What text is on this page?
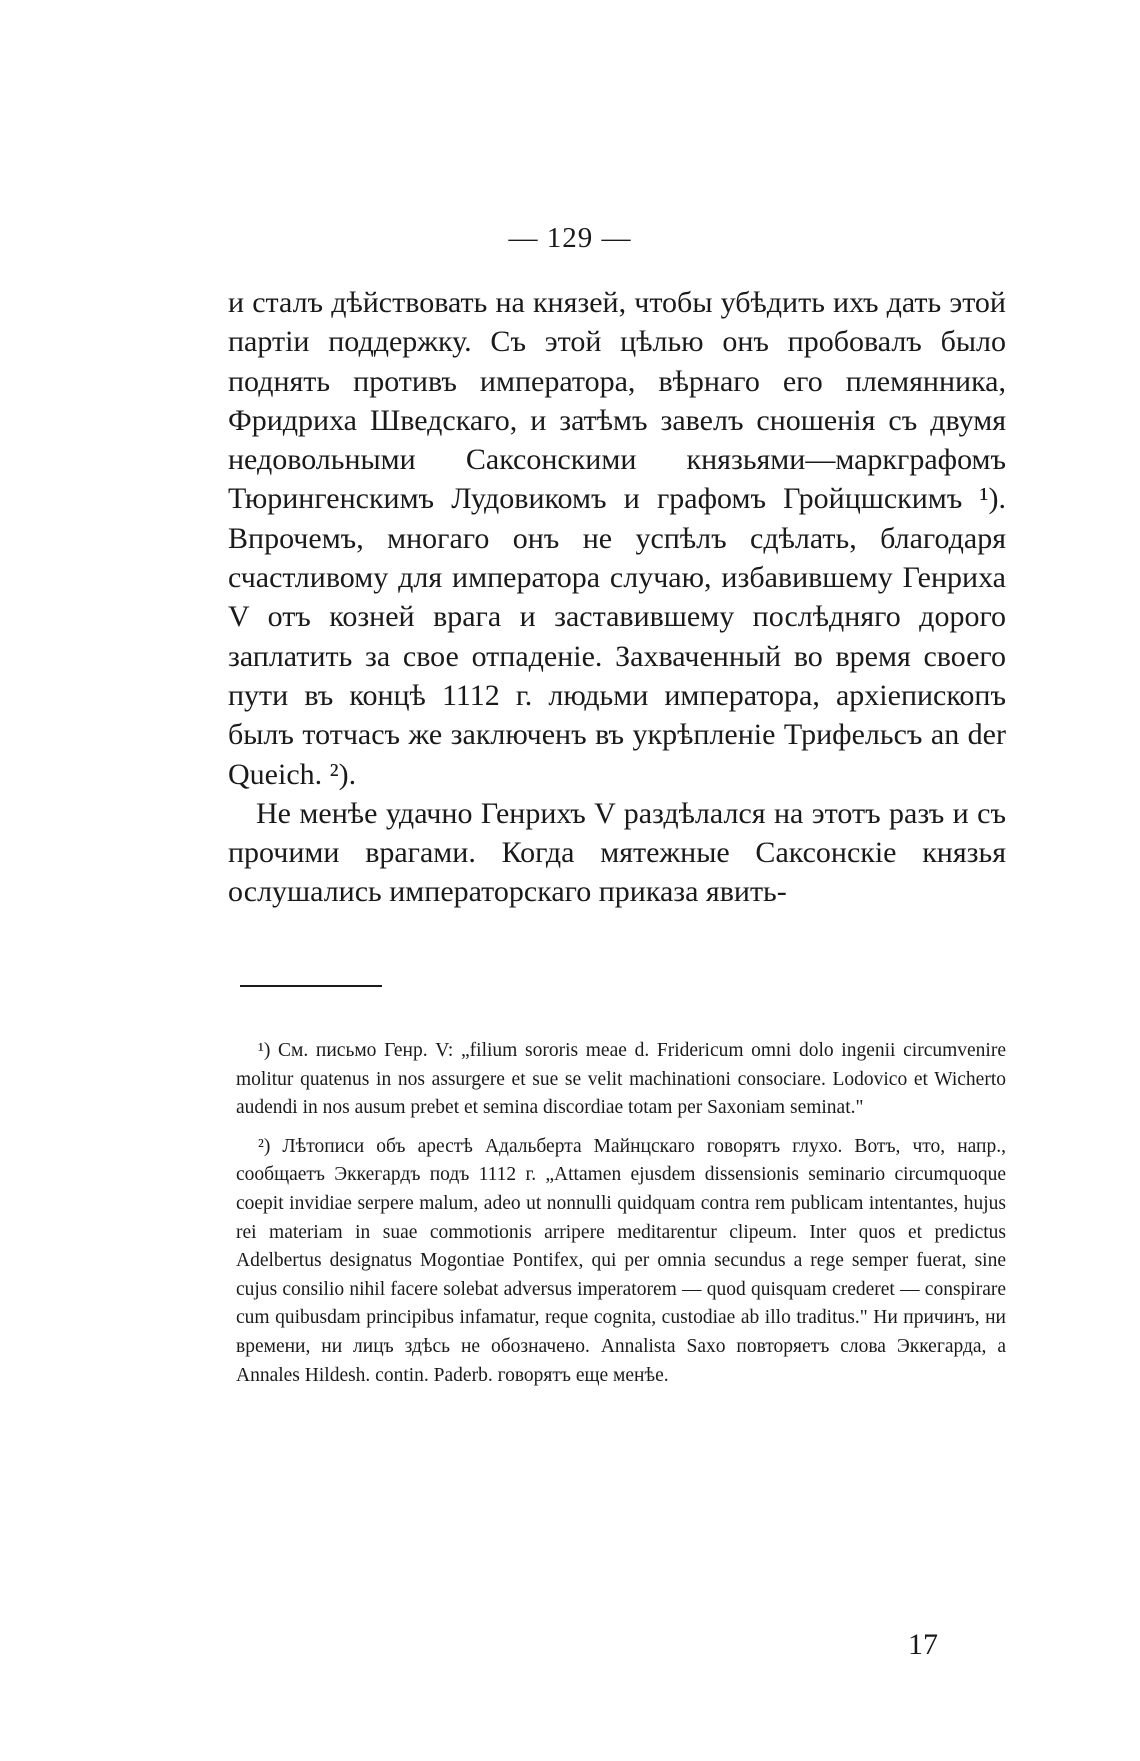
— 129 —

и сталъ дѣйствовать на князей, чтобы убѣдить ихъ дать этой партіи поддержку. Съ этой цѣлью онъ пробовалъ было поднять противъ императора, вѣрнаго его племянника, Фридриха Шведскаго, и затѣмъ завелъ сношенія съ двумя недовольными Саксонскими князьями—маркграфомъ Тюрингенскимъ Лудовикомъ и графомъ Гройцшскимъ ¹). Впрочемъ, многаго онъ не успѣлъ сдѣлать, благодаря счастливому для императора случаю, избавившему Генриха V отъ козней врага и заставившему послѣдняго дорого заплатить за свое отпаденіе. Захваченный во время своего пути въ концѣ 1112 г. людьми императора, архіепископъ былъ тотчасъ же заключенъ въ укрѣпленіе Трифельсъ an der Queich. ²).

Не менѣе удачно Генрихъ V раздѣлался на этотъ разъ и съ прочими врагами. Когда мятежные Саксонскіе князья ослушались императорскаго приказа явить-

¹) См. письмо Генр. V: „filium sororis meae d. Fridericum omni dolo ingenii circumvenire molitur quatenus in nos assurgere et sue se velit machinationi consociare. Lodovico et Wicherto audendi in nos ausum prebet et semina discordiae totam per Saxoniam seminat."

²) Лѣтописи объ арестѣ Адальберта Майнцскаго говорятъ глухо. Вотъ, что, напр., сообщаетъ Эккегардъ подъ 1112 г. „Attamen ejusdem dissensionis seminario circumquoque coepit invidiae serpere malum, adeo ut nonnulli quidquam contra rem publicam intentantes, hujus rei materiam in suae commotionis arripere meditarentur clipeum. Inter quos et predictus Adelbertus designatus Mogontiae Pontifex, qui per omnia secundus a rege semper fuerat, sine cujus consilio nihil facere solebat adversus imperatorem — quod quisquam crederet — conspirare cum quibusdam principibus infamatur, reque cognita, custodiae ab illo traditus." Ни причинъ, ни времени, ни лицъ здѣсь не обозначено. Annalista Saxo повторяетъ слова Эккегарда, а Annales Hildesh. contin. Paderb. говорятъ еще менѣе.

17
